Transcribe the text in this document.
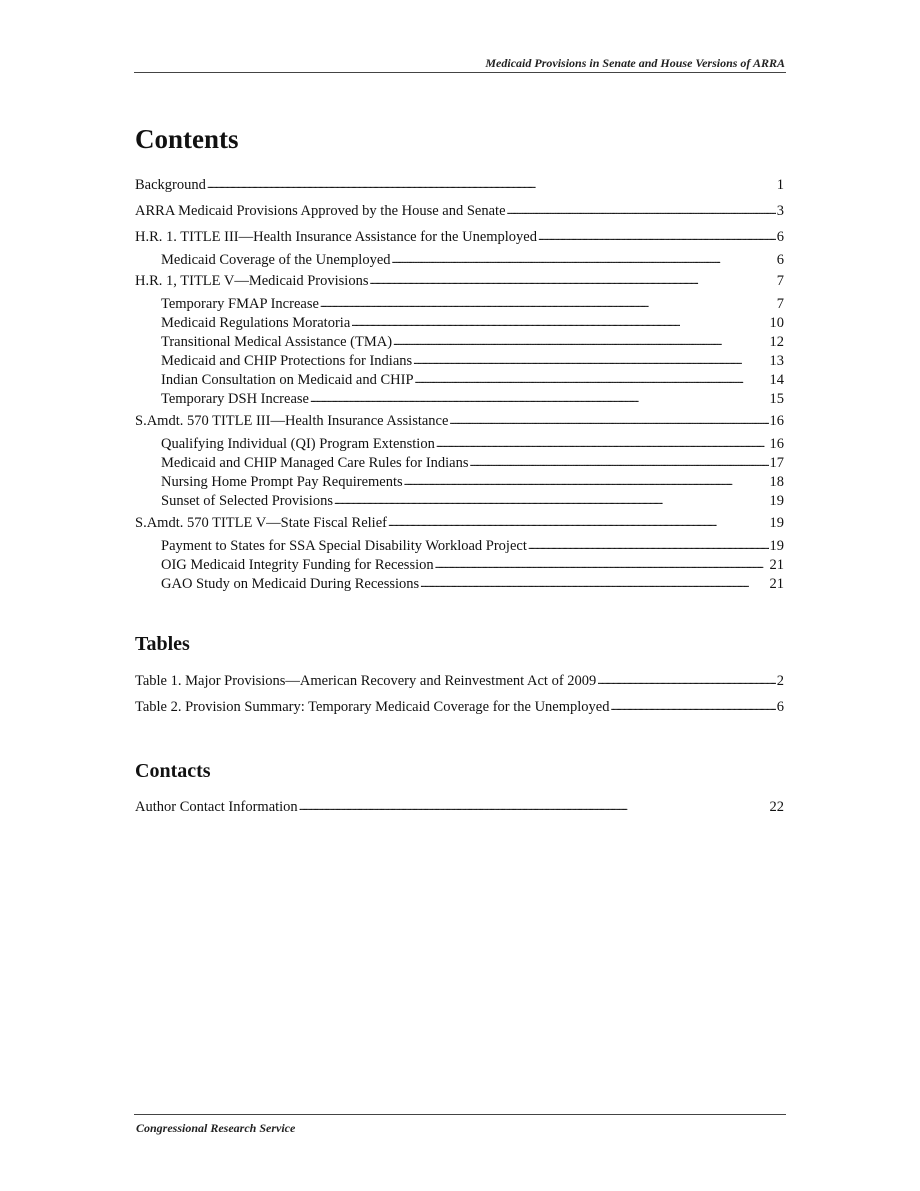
Medicaid Provisions in Senate and House Versions of ARRA
Contents
Background . . .	1
ARRA Medicaid Provisions Approved by the House and Senate . . .	3
H.R. 1. TITLE III—Health Insurance Assistance for the Unemployed . . .	6
Medicaid Coverage of the Unemployed . . .	6
H.R. 1, TITLE V—Medicaid Provisions . . .	7
Temporary FMAP Increase . . .	7
Medicaid Regulations Moratoria . . .	10
Transitional Medical Assistance (TMA) . . .	12
Medicaid and CHIP Protections for Indians . . .	13
Indian Consultation on Medicaid and CHIP . . .	14
Temporary DSH Increase . . .	15
S.Amdt. 570 TITLE III—Health Insurance Assistance . . .	16
Qualifying Individual (QI) Program Extenstion . . .	16
Medicaid and CHIP Managed Care Rules for Indians . . .	17
Nursing Home Prompt Pay Requirements . . .	18
Sunset of Selected Provisions . . .	19
S.Amdt. 570 TITLE V—State Fiscal Relief . . .	19
Payment to States for SSA Special Disability Workload Project . . .	19
OIG Medicaid Integrity Funding for Recession . . .	21
GAO Study on Medicaid During Recessions . . .	21
Tables
Table 1. Major Provisions—American Recovery and Reinvestment Act of 2009 . . .	2
Table 2. Provision Summary: Temporary Medicaid Coverage for the Unemployed . . .	6
Contacts
Author Contact Information . . .	22
Congressional Research Service
